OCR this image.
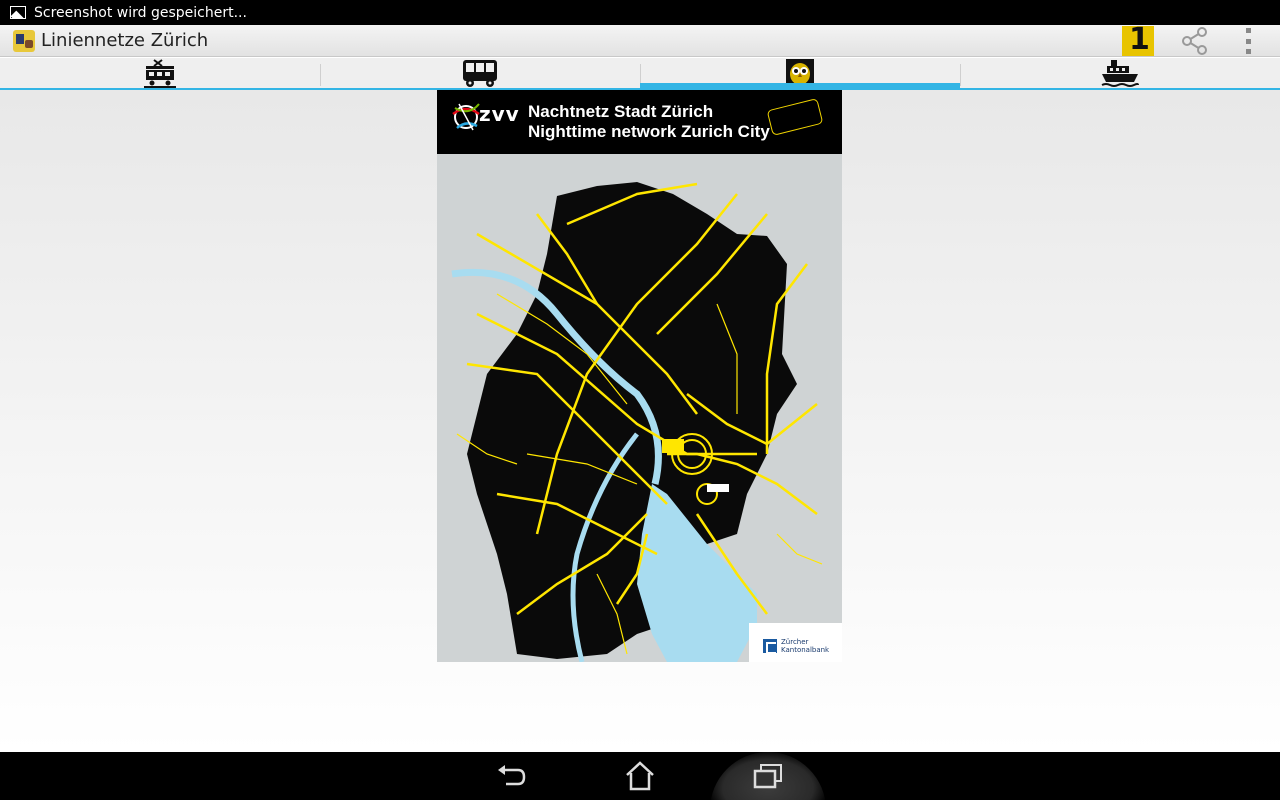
Screenshot wird gespeichert...
Liniennetze Zürich	1
zvv Nachtnetz Stadt Zürich
Nighttime network Zurich City
Zürcher Kantonalbank
